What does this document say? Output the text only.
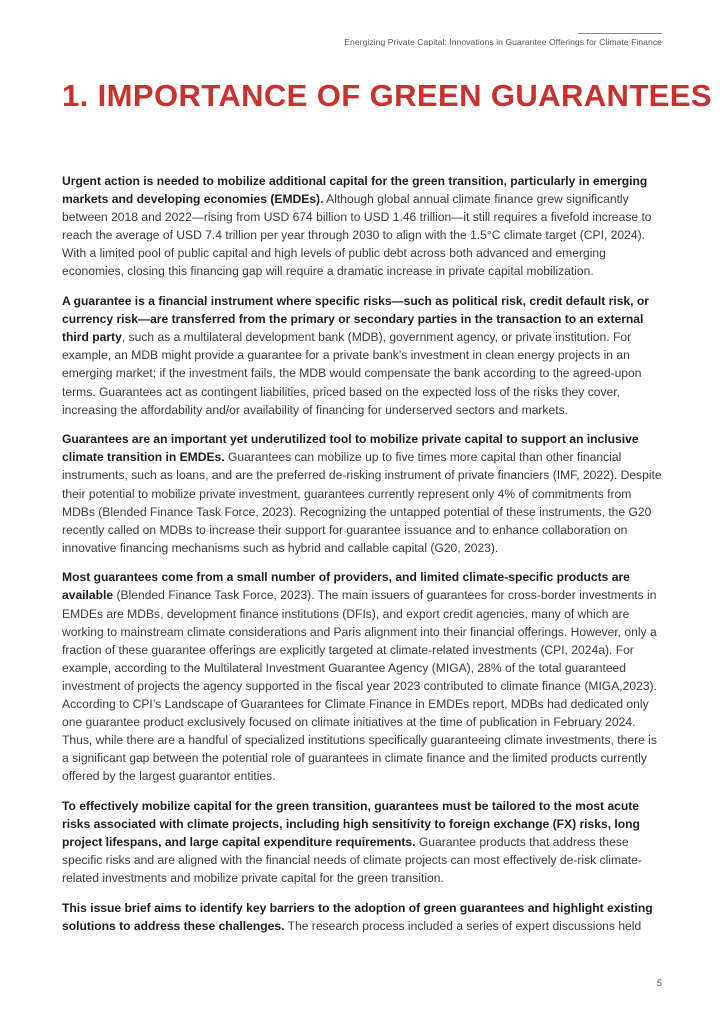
Energizing Private Capital: Innovations in Guarantee Offerings for Climate Finance
1. IMPORTANCE OF GREEN GUARANTEES

Urgent action is needed to mobilize additional capital for the green transition, particularly in emerging markets and developing economies (EMDEs). Although global annual climate finance grew significantly between 2018 and 2022—rising from USD 674 billion to USD 1.46 trillion—it still requires a fivefold increase to reach the average of USD 7.4 trillion per year through 2030 to align with the 1.5°C climate target (CPI, 2024). With a limited pool of public capital and high levels of public debt across both advanced and emerging economies, closing this financing gap will require a dramatic increase in private capital mobilization.

A guarantee is a financial instrument where specific risks—such as political risk, credit default risk, or currency risk—are transferred from the primary or secondary parties in the transaction to an external third party, such as a multilateral development bank (MDB), government agency, or private institution. For example, an MDB might provide a guarantee for a private bank’s investment in clean energy projects in an emerging market; if the investment fails, the MDB would compensate the bank according to the agreed-upon terms. Guarantees act as contingent liabilities, priced based on the expected loss of the risks they cover, increasing the affordability and/or availability of financing for underserved sectors and markets.

Guarantees are an important yet underutilized tool to mobilize private capital to support an inclusive climate transition in EMDEs. Guarantees can mobilize up to five times more capital than other financial instruments, such as loans, and are the preferred de-risking instrument of private financiers (IMF, 2022). Despite their potential to mobilize private investment, guarantees currently represent only 4% of commitments from MDBs (Blended Finance Task Force, 2023). Recognizing the untapped potential of these instruments, the G20 recently called on MDBs to increase their support for guarantee issuance and to enhance collaboration on innovative financing mechanisms such as hybrid and callable capital (G20, 2023).

Most guarantees come from a small number of providers, and limited climate-specific products are available (Blended Finance Task Force, 2023). The main issuers of guarantees for cross-border investments in EMDEs are MDBs, development finance institutions (DFIs), and export credit agencies, many of which are working to mainstream climate considerations and Paris alignment into their financial offerings. However, only a fraction of these guarantee offerings are explicitly targeted at climate-related investments (CPI, 2024a). For example, according to the Multilateral Investment Guarantee Agency (MIGA), 28% of the total guaranteed investment of projects the agency supported in the fiscal year 2023 contributed to climate finance (MIGA,2023). According to CPI’s Landscape of Guarantees for Climate Finance in EMDEs report, MDBs had dedicated only one guarantee product exclusively focused on climate initiatives at the time of publication in February 2024. Thus, while there are a handful of specialized institutions specifically guaranteeing climate investments, there is a significant gap between the potential role of guarantees in climate finance and the limited products currently offered by the largest guarantor entities.

To effectively mobilize capital for the green transition, guarantees must be tailored to the most acute risks associated with climate projects, including high sensitivity to foreign exchange (FX) risks, long project lifespans, and large capital expenditure requirements. Guarantee products that address these specific risks and are aligned with the financial needs of climate projects can most effectively de-risk climate-related investments and mobilize private capital for the green transition.

This issue brief aims to identify key barriers to the adoption of green guarantees and highlight existing solutions to address these challenges. The research process included a series of expert discussions held

5
